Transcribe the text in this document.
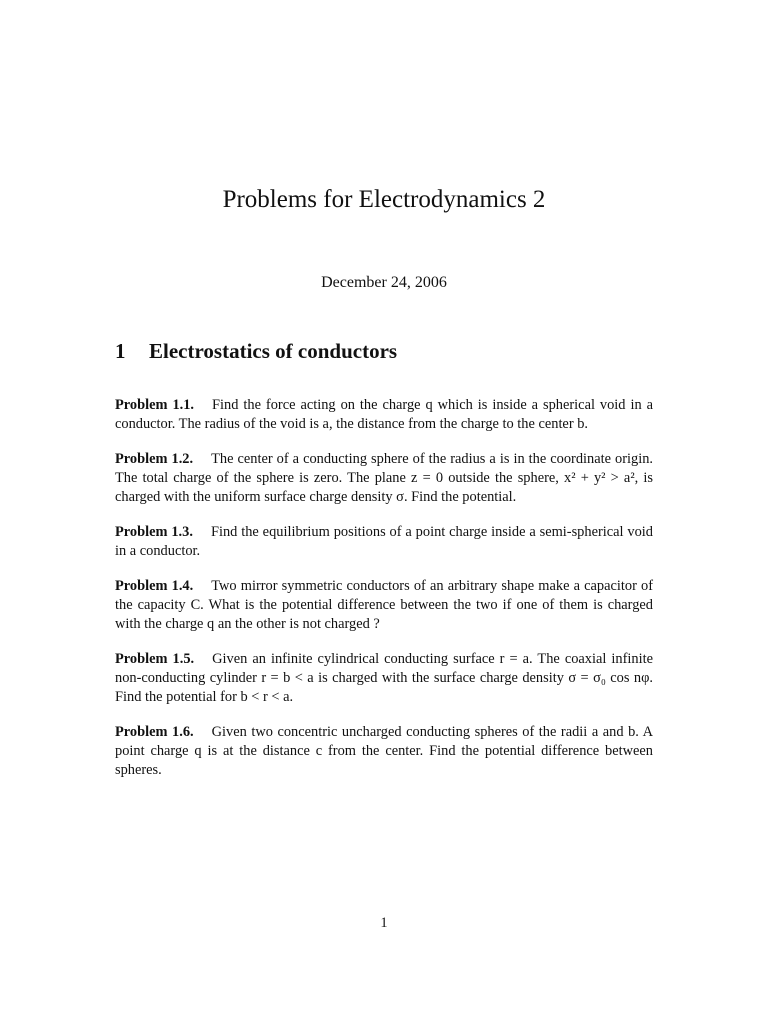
Problems for Electrodynamics 2
December 24, 2006
1 Electrostatics of conductors

Problem 1.1. Find the force acting on the charge q which is inside a spherical void in a conductor. The radius of the void is a, the distance from the charge to the center b.

Problem 1.2. The center of a conducting sphere of the radius a is in the coordinate origin. The total charge of the sphere is zero. The plane z = 0 outside the sphere, x² + y² > a², is charged with the uniform surface charge density σ. Find the potential.

Problem 1.3. Find the equilibrium positions of a point charge inside a semi-spherical void in a conductor.

Problem 1.4. Two mirror symmetric conductors of an arbitrary shape make a capacitor of the capacity C. What is the potential difference between the two if one of them is charged with the charge q an the other is not charged ?

Problem 1.5. Given an infinite cylindrical conducting surface r = a. The coaxial infinite non-conducting cylinder r = b < a is charged with the surface charge density σ = σ₀ cos nφ. Find the potential for b < r < a.

Problem 1.6. Given two concentric uncharged conducting spheres of the radii a and b. A point charge q is at the distance c from the center. Find the potential difference between spheres.

1
